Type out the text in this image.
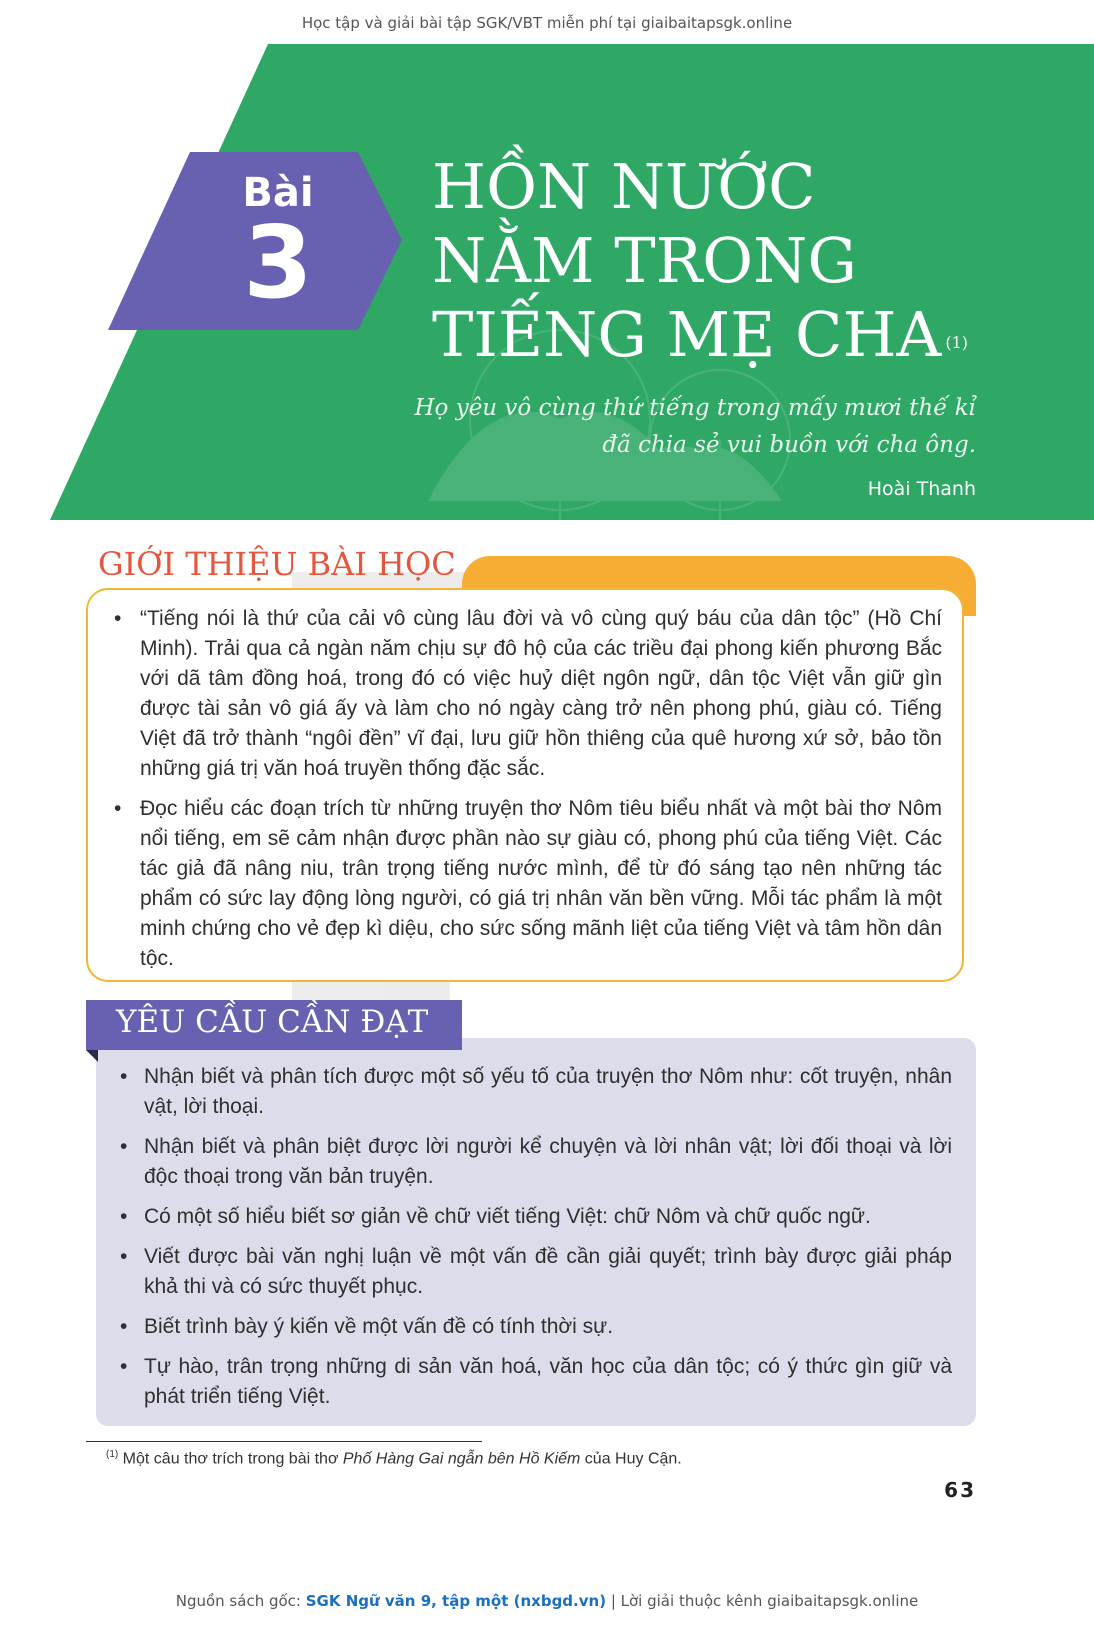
Học tập và giải bài tập SGK/VBT miễn phí tại giaibaitapsgk.online
Bài
3
HỒN NƯỚC
NẰM TRONG
TIẾNG MẸ CHA $^{(1)}$
Họ yêu vô cùng thứ tiếng trong mấy mươi thế kỉ
đã chia sẻ vui buồn với cha ông.
Hoài Thanh
GIỚI THIỆU BÀI HỌC
• “Tiếng nói là thứ của cải vô cùng lâu đời và vô cùng quý báu của dân tộc” (Hồ Chí Minh). Trải qua cả ngàn năm chịu sự đô hộ của các triều đại phong kiến phương Bắc với dã tâm đồng hoá, trong đó có việc huỷ diệt ngôn ngữ, dân tộc Việt vẫn giữ gìn được tài sản vô giá ấy và làm cho nó ngày càng trở nên phong phú, giàu có. Tiếng Việt đã trở thành “ngôi đền” vĩ đại, lưu giữ hồn thiêng của quê hương xứ sở, bảo tồn những giá trị văn hoá truyền thống đặc sắc.
• Đọc hiểu các đoạn trích từ những truyện thơ Nôm tiêu biểu nhất và một bài thơ Nôm nổi tiếng, em sẽ cảm nhận được phần nào sự giàu có, phong phú của tiếng Việt. Các tác giả đã nâng niu, trân trọng tiếng nước mình, để từ đó sáng tạo nên những tác phẩm có sức lay động lòng người, có giá trị nhân văn bền vững. Mỗi tác phẩm là một minh chứng cho vẻ đẹp kì diệu, cho sức sống mãnh liệt của tiếng Việt và tâm hồn dân tộc.
• Nhận biết và phân tích được một số yếu tố của truyện thơ Nôm như: cốt truyện, nhân vật, lời thoại.
• Nhận biết và phân biệt được lời người kể chuyện và lời nhân vật; lời đối thoại và lời độc thoại trong văn bản truyện.
• Có một số hiểu biết sơ giản về chữ viết tiếng Việt: chữ Nôm và chữ quốc ngữ.
• Viết được bài văn nghị luận về một vấn đề cần giải quyết; trình bày được giải pháp khả thi và có sức thuyết phục.
• Biết trình bày ý kiến về một vấn đề có tính thời sự.
• Tự hào, trân trọng những di sản văn hoá, văn học của dân tộc; có ý thức gìn giữ và phát triển tiếng Việt.
YÊU CẦU CẦN ĐẠT
$^{(1)}$ Một câu thơ trích trong bài thơ Phố Hàng Gai ngẫn bên Hồ Kiếm của Huy Cận.
63
Nguồn sách gốc: SGK Ngữ văn 9, tập một (nxbgd.vn) | Lời giải thuộc kênh giaibaitapsgk.online
